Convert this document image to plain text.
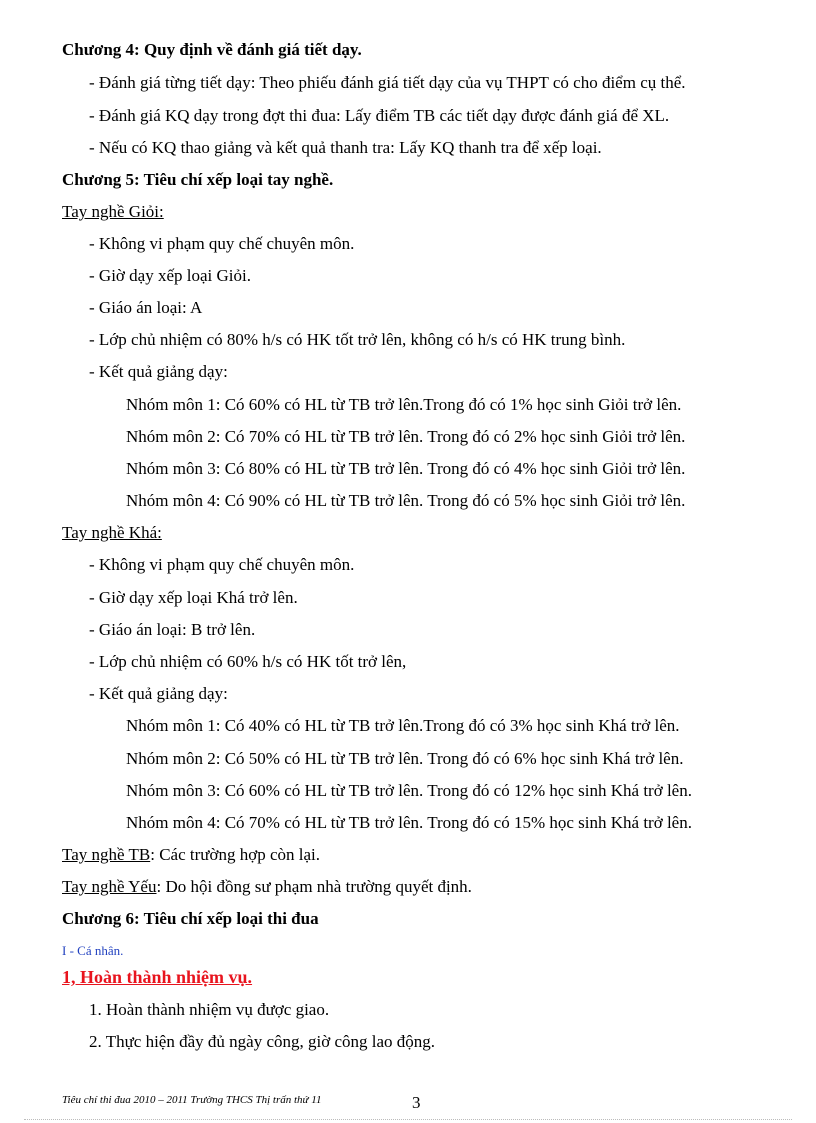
Chương 4: Quy định về đánh giá tiết dạy.
- Đánh giá từng tiết dạy: Theo phiếu đánh giá tiết dạy của vụ THPT có cho điểm cụ thể.
- Đánh giá KQ dạy trong đợt thi đua: Lấy điểm TB các tiết dạy được đánh giá để XL.
- Nếu có KQ thao giảng và kết quả thanh tra: Lấy KQ thanh tra để xếp loại.
Chương 5: Tiêu chí xếp loại tay nghề.
Tay nghề Giỏi:
- Không vi phạm quy chế chuyên môn.
- Giờ dạy xếp loại Giỏi.
- Giáo án loại: A
- Lớp chủ nhiệm có 80% h/s có HK tốt trở lên, không có h/s có HK trung bình.
- Kết quả giảng dạy:
Nhóm môn 1: Có 60% có HL từ TB trở lên.Trong đó có 1% học sinh Giỏi trở lên.
Nhóm môn 2: Có 70% có HL từ TB trở lên. Trong đó có 2% học sinh Giỏi trở lên.
Nhóm môn 3: Có 80% có HL từ TB trở lên. Trong đó có 4% học sinh Giỏi trở lên.
Nhóm môn 4: Có 90% có HL từ TB trở lên. Trong đó có 5% học sinh Giỏi trở lên.
Tay nghề Khá:
- Không vi phạm quy chế chuyên môn.
- Giờ dạy xếp loại Khá trở lên.
- Giáo án loại: B trở lên.
- Lớp chủ nhiệm có 60% h/s có HK tốt trở lên,
- Kết quả giảng dạy:
Nhóm môn 1: Có 40% có HL từ TB trở lên.Trong đó có 3% học sinh Khá trở lên.
Nhóm môn 2: Có 50% có HL từ TB trở lên. Trong đó có 6% học sinh Khá trở lên.
Nhóm môn 3: Có 60% có HL từ TB trở lên. Trong đó có 12% học sinh Khá trở lên.
Nhóm môn 4: Có 70% có HL từ TB trở lên. Trong đó có 15% học sinh Khá trở lên.
Tay nghề TB: Các trường hợp còn lại.
Tay nghề Yếu: Do hội đồng sư phạm nhà trường quyết định.
Chương 6: Tiêu chí xếp loại thi đua
I - Cá nhân.
1, Hoàn thành nhiệm vụ.
1. Hoàn thành nhiệm vụ được giao.
2. Thực hiện đầy đủ ngày công, giờ công lao động.
Tiêu chí thi đua 2010 – 2011 Trường THCS Thị trấn thứ 11	3
